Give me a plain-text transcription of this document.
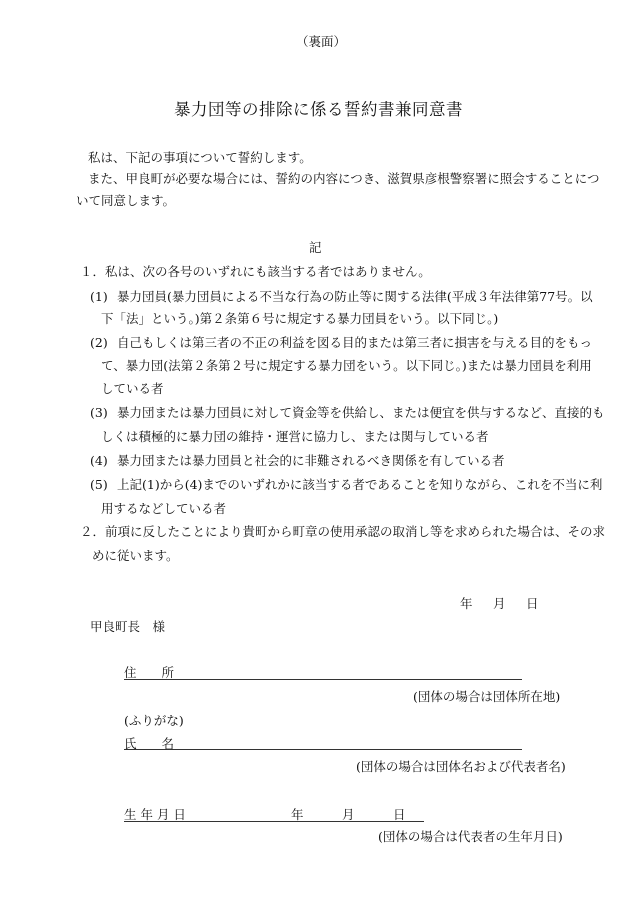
（裏面）
暴力団等の排除に係る誓約書兼同意書
私は、下記の事項について誓約します。
また、甲良町が必要な場合には、誓約の内容につき、滋賀県彦根警察署に照会することにつ
いて同意します。
記
１．私は、次の各号のいずれにも該当する者ではありません。
(1) 暴力団員(暴力団員による不当な行為の防止等に関する法律(平成３年法律第77号。以
下「法」という。)第２条第６号に規定する暴力団員をいう。以下同じ。)
(2) 自己もしくは第三者の不正の利益を図る目的または第三者に損害を与える目的をもっ
て、暴力団(法第２条第２号に規定する暴力団をいう。以下同じ。)または暴力団員を利用
している者
(3) 暴力団または暴力団員に対して資金等を供給し、または便宜を供与するなど、直接的も
しくは積極的に暴力団の維持・運営に協力し、または関与している者
(4) 暴力団または暴力団員と社会的に非難されるべき関係を有している者
(5) 上記(1)から(4)までのいずれかに該当する者であることを知りながら、これを不当に利
用するなどしている者
２．前項に反したことにより貴町から町章の使用承認の取消し等を求められた場合は、その求
めに従います。
年 月 日
甲良町長　様
住　　所
(団体の場合は団体所在地)
(ふりがな)
氏　　名
(団体の場合は団体名および代表者名)
生 年 月 日	年	月	日
(団体の場合は代表者の生年月日)
